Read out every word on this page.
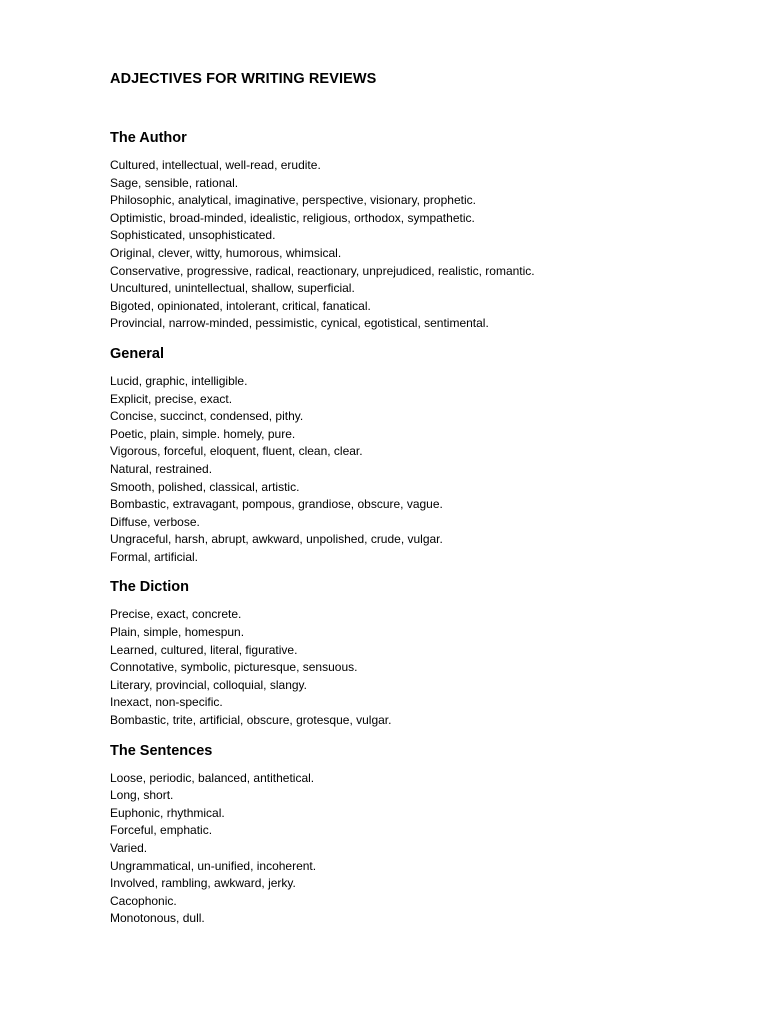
ADJECTIVES FOR WRITING REVIEWS
The Author
Cultured, intellectual, well-read, erudite.
Sage, sensible, rational.
Philosophic, analytical, imaginative, perspective, visionary, prophetic.
Optimistic, broad-minded, idealistic, religious, orthodox, sympathetic.
Sophisticated, unsophisticated.
Original, clever, witty, humorous, whimsical.
Conservative, progressive, radical, reactionary, unprejudiced, realistic, romantic.
Uncultured, unintellectual, shallow, superficial.
Bigoted, opinionated, intolerant, critical, fanatical.
Provincial, narrow-minded, pessimistic, cynical, egotistical, sentimental.
General
Lucid, graphic, intelligible.
Explicit, precise, exact.
Concise, succinct, condensed, pithy.
Poetic, plain, simple. homely, pure.
Vigorous, forceful, eloquent, fluent, clean, clear.
Natural, restrained.
Smooth, polished, classical, artistic.
Bombastic, extravagant, pompous, grandiose, obscure, vague.
Diffuse, verbose.
Ungraceful, harsh, abrupt, awkward, unpolished, crude, vulgar.
Formal, artificial.
The Diction
Precise, exact, concrete.
Plain, simple, homespun.
Learned, cultured, literal, figurative.
Connotative, symbolic, picturesque, sensuous.
Literary, provincial, colloquial, slangy.
Inexact, non-specific.
Bombastic, trite, artificial, obscure, grotesque, vulgar.
The Sentences
Loose, periodic, balanced, antithetical.
Long, short.
Euphonic, rhythmical.
Forceful, emphatic.
Varied.
Ungrammatical, un-unified, incoherent.
Involved, rambling, awkward, jerky.
Cacophonic.
Monotonous, dull.
